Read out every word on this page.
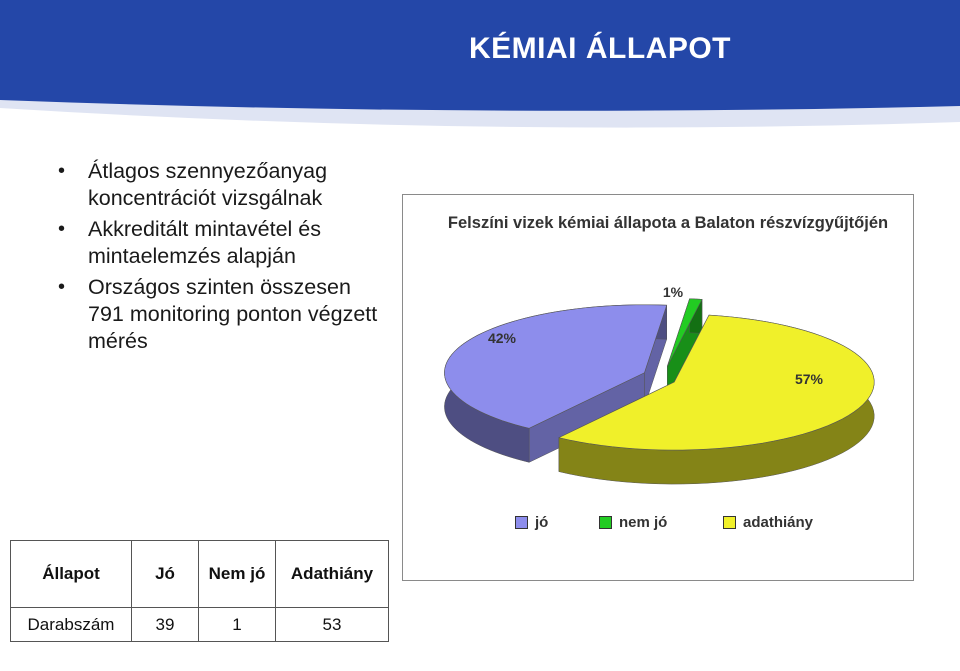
KÉMIAI ÁLLAPOT
• Átlagos szennyezőanyag koncentrációt vizsgálnak
• Akkreditált mintavétel és mintaelemzés alapján
• Országos szinten összesen 791 monitoring ponton végzett mérés
Felszíni vizek kémiai állapota a Balaton részvízgyűjtőjén
42%
1%
57%
jó	nem jó	adathiány
Állapot	Jó	Nem jó	Adathiány
Darabszám	39	1	53
